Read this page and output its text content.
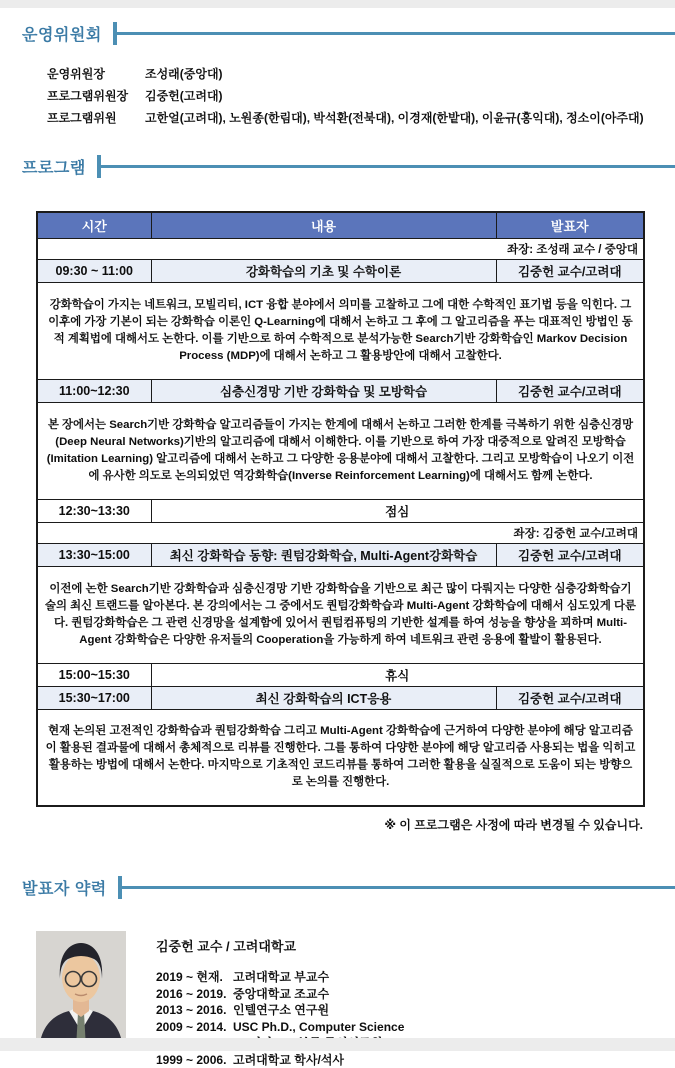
운영위원회
운영위원장	조성래(중앙대)
프로그램위원장	김중헌(고려대)
프로그램위원	고한얼(고려대), 노원종(한림대), 박석환(전북대), 이경재(한밭대), 이윤규(홍익대), 정소이(아주대)
프로그램
시간	내용	발표자
좌장: 조성래 교수 / 중앙대		
09:30 ~ 11:00	강화학습의 기초 및 수학이론	김중헌 교수/고려대
강화학습이 가지는 네트워크, 모빌리티, ICT 융합 분야에서 의미를 고찰하고 그에 대한 수학적인 표기법 등을 익힌다. 그 이후에 가장 기본이 되는 강화학습 이론인 Q-Learning에 대해서 논하고 그 후에 그 알고리즘을 푸는 대표적인 방법인 동적 계획법에 대해서도 논한다. 이를 기반으로 하여 수학적으로 분석가능한 Search기반 강화학습인 Markov Decision Process (MDP)에 대해서 논하고 그 활용방안에 대해서 고찰한다.		
11:00~12:30	심층신경망 기반 강화학습 및 모방학습	김중헌 교수/고려대
본 장에서는 Search기반 강화학습 알고리즘들이 가지는 한계에 대해서 논하고 그러한 한계를 극복하기 위한 심층신경망 (Deep Neural Networks)기반의 알고리즘에 대해서 이해한다. 이를 기반으로 하여 가장 대중적으로 알려진 모방학습 (Imitation Learning) 알고리즘에 대해서 논하고 그 다양한 응용분야에 대해서 고찰한다. 그리고 모방학습이 나오기 이전에 유사한 의도로 논의되었던 역강화학습(Inverse Reinforcement Learning)에 대해서도 함께 논한다.		
12:30~13:30	점심	
좌장: 김중헌 교수/고려대		
13:30~15:00	최신 강화학습 동향: 퀀텀강화학습, Multi-Agent강화학습	김중헌 교수/고려대
이전에 논한 Search기반 강화학습과 심층신경망 기반 강화학습을 기반으로 최근 많이 다뤄지는 다양한 심층강화학습기술의 최신 트랜드를 알아본다. 본 강의에서는 그 중에서도 퀀텀강화학습과 Multi-Agent 강화학습에 대해서 심도있게 다룬다. 퀀텀강화학습은 그 관련 신경망을 설계함에 있어서 퀀텀컴퓨팅의 기반한 설계를 하여 성능을 향상을 꾀하며 Multi-Agent 강화학습은 다양한 유저들의 Cooperation을 가능하게 하여 네트워크 관련 응용에 활발이 활용된다.		
15:00~15:30	휴식	
15:30~17:00	최신 강화학습의 ICT응용	김중헌 교수/고려대
현재 논의된 고전적인 강화학습과 퀀텀강화학습 그리고 Multi-Agent 강화학습에 근거하여 다양한 분야에 해당 알고리즘이 활용된 결과물에 대해서 총체적으로 리뷰를 진행한다. 그를 통하여 다양한 분야에 해당 알고리즘 사용되는 법을 익히고 활용하는 방법에 대해서 논한다. 마지막으로 기초적인 코드리뷰를 통하여 그러한 활용을 실질적으로 도움이 되는 방향으로 논의를 진행한다.		
※ 이 프로그램은 사정에 따라 변경될 수 있습니다.
발표자 약력
김중헌 교수 / 고려대학교
2019 ~ 현재. 고려대학교 부교수
2016 ~ 2019. 중앙대학교 조교수
2013 ~ 2016. 인텔연구소 연구원
2009 ~ 2014. USC Ph.D., Computer Science
1999 ~ 2006. 고려대학교 학사/석사
